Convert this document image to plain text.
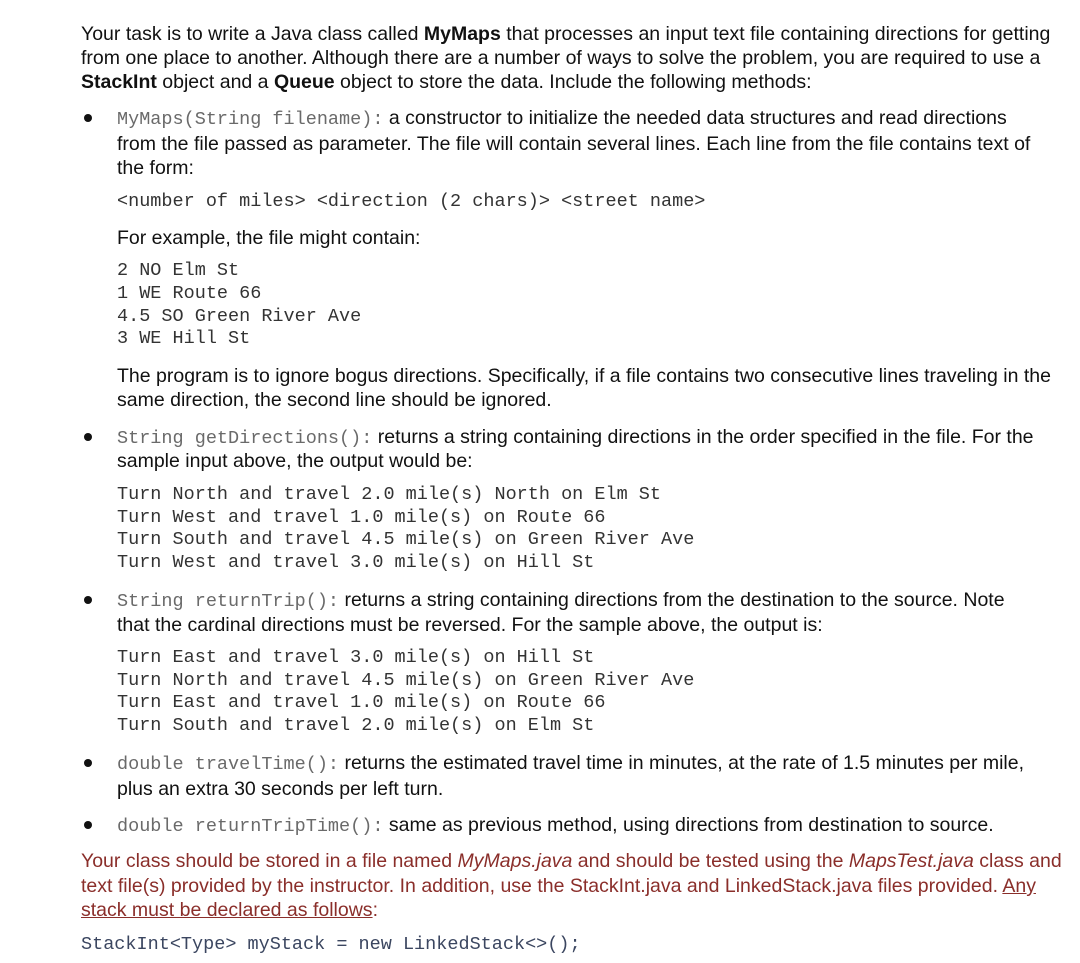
Your task is to write a Java class called MyMaps that processes an input text file containing directions for getting
from one place to another. Although there are a number of ways to solve the problem, you are required to use a
StackInt object and a Queue object to store the data. Include the following methods:
MyMaps(String filename): a constructor to initialize the needed data structures and read directions
from the file passed as parameter. The file will contain several lines. Each line from the file contains text of
the form:
<number of miles> <direction (2 chars)> <street name>
For example, the file might contain:
2 NO Elm St
1 WE Route 66
4.5 SO Green River Ave
3 WE Hill St
The program is to ignore bogus directions. Specifically, if a file contains two consecutive lines traveling in the
same direction, the second line should be ignored.
String getDirections(): returns a string containing directions in the order specified in the file. For the
sample input above, the output would be:
Turn North and travel 2.0 mile(s) North on Elm St
Turn West and travel 1.0 mile(s) on Route 66
Turn South and travel 4.5 mile(s) on Green River Ave
Turn West and travel 3.0 mile(s) on Hill St
String returnTrip(): returns a string containing directions from the destination to the source. Note
that the cardinal directions must be reversed. For the sample above, the output is:
Turn East and travel 3.0 mile(s) on Hill St
Turn North and travel 4.5 mile(s) on Green River Ave
Turn East and travel 1.0 mile(s) on Route 66
Turn South and travel 2.0 mile(s) on Elm St
double travelTime(): returns the estimated travel time in minutes, at the rate of 1.5 minutes per mile,
plus an extra 30 seconds per left turn.
double returnTripTime(): same as previous method, using directions from destination to source.
Your class should be stored in a file named MyMaps.java and should be tested using the MapsTest.java class and
text file(s) provided by the instructor. In addition, use the StackInt.java and LinkedStack.java files provided. Any
stack must be declared as follows:
StackInt<Type> myStack = new LinkedStack<>();
